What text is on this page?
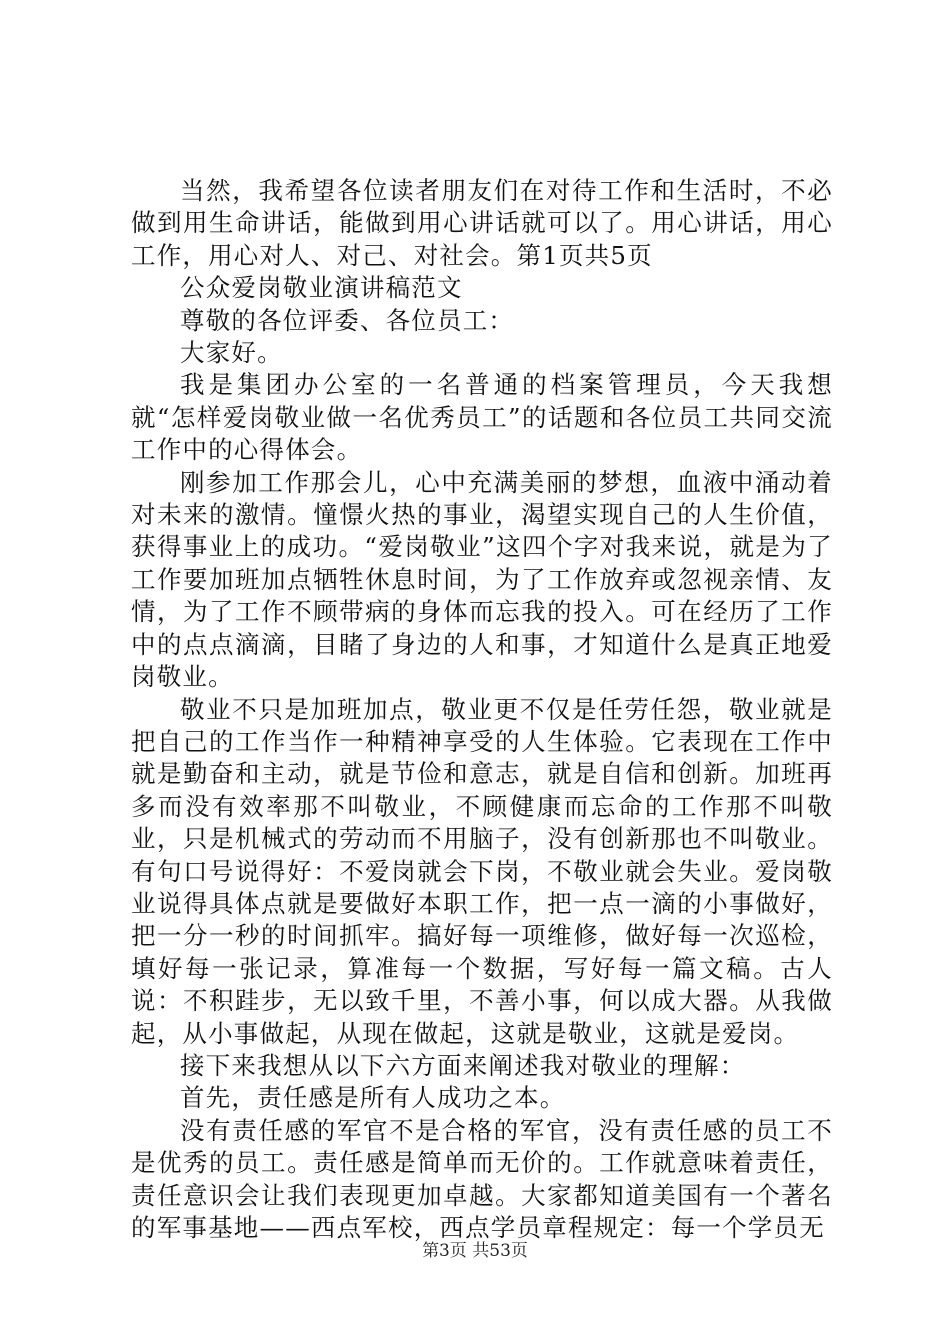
当然，我希望各位读者朋友们在对待工作和生活时，不必做到用生命讲话，能做到用心讲话就可以了。用心讲话，用心工作，用心对人、对己、对社会。第1页共5页

公众爱岗敬业演讲稿范文

尊敬的各位评委、各位员工：

大家好。

我是集团办公室的一名普通的档案管理员，今天我想就“怎样爱岗敬业做一名优秀员工”的话题和各位员工共同交流工作中的心得体会。

刚参加工作那会儿，心中充满美丽的梦想，血液中涌动着对未来的激情。憧憬火热的事业，渴望实现自己的人生价值，获得事业上的成功。“爱岗敬业”这四个字对我来说，就是为了工作要加班加点牺牲休息时间，为了工作放弃或忽视亲情、友情，为了工作不顾带病的身体而忘我的投入。可在经历了工作中的点点滴滴，目睹了身边的人和事，才知道什么是真正地爱岗敬业。

敬业不只是加班加点，敬业更不仅是任劳任怨，敬业就是把自己的工作当作一种精神享受的人生体验。它表现在工作中就是勤奋和主动，就是节俭和意志，就是自信和创新。加班再多而没有效率那不叫敬业，不顾健康而忘命的工作那不叫敬业，只是机械式的劳动而不用脑子，没有创新那也不叫敬业。有句口号说得好：不爱岗就会下岗，不敬业就会失业。爱岗敬业说得具体点就是要做好本职工作，把一点一滴的小事做好，把一分一秒的时间抓牢。搞好每一项维修，做好每一次巡检，填好每一张记录，算准每一个数据，写好每一篇文稿。古人说：不积跬步，无以致千里，不善小事，何以成大器。从我做起，从小事做起，从现在做起，这就是敬业，这就是爱岗。

接下来我想从以下六方面来阐述我对敬业的理解：

首先，责任感是所有人成功之本。

没有责任感的军官不是合格的军官，没有责任感的员工不是优秀的员工。责任感是简单而无价的。工作就意味着责任，责任意识会让我们表现更加卓越。大家都知道美国有一个著名的军事基地——西点军校，西点学员章程规定：每一个学员无

第3页 共53页
